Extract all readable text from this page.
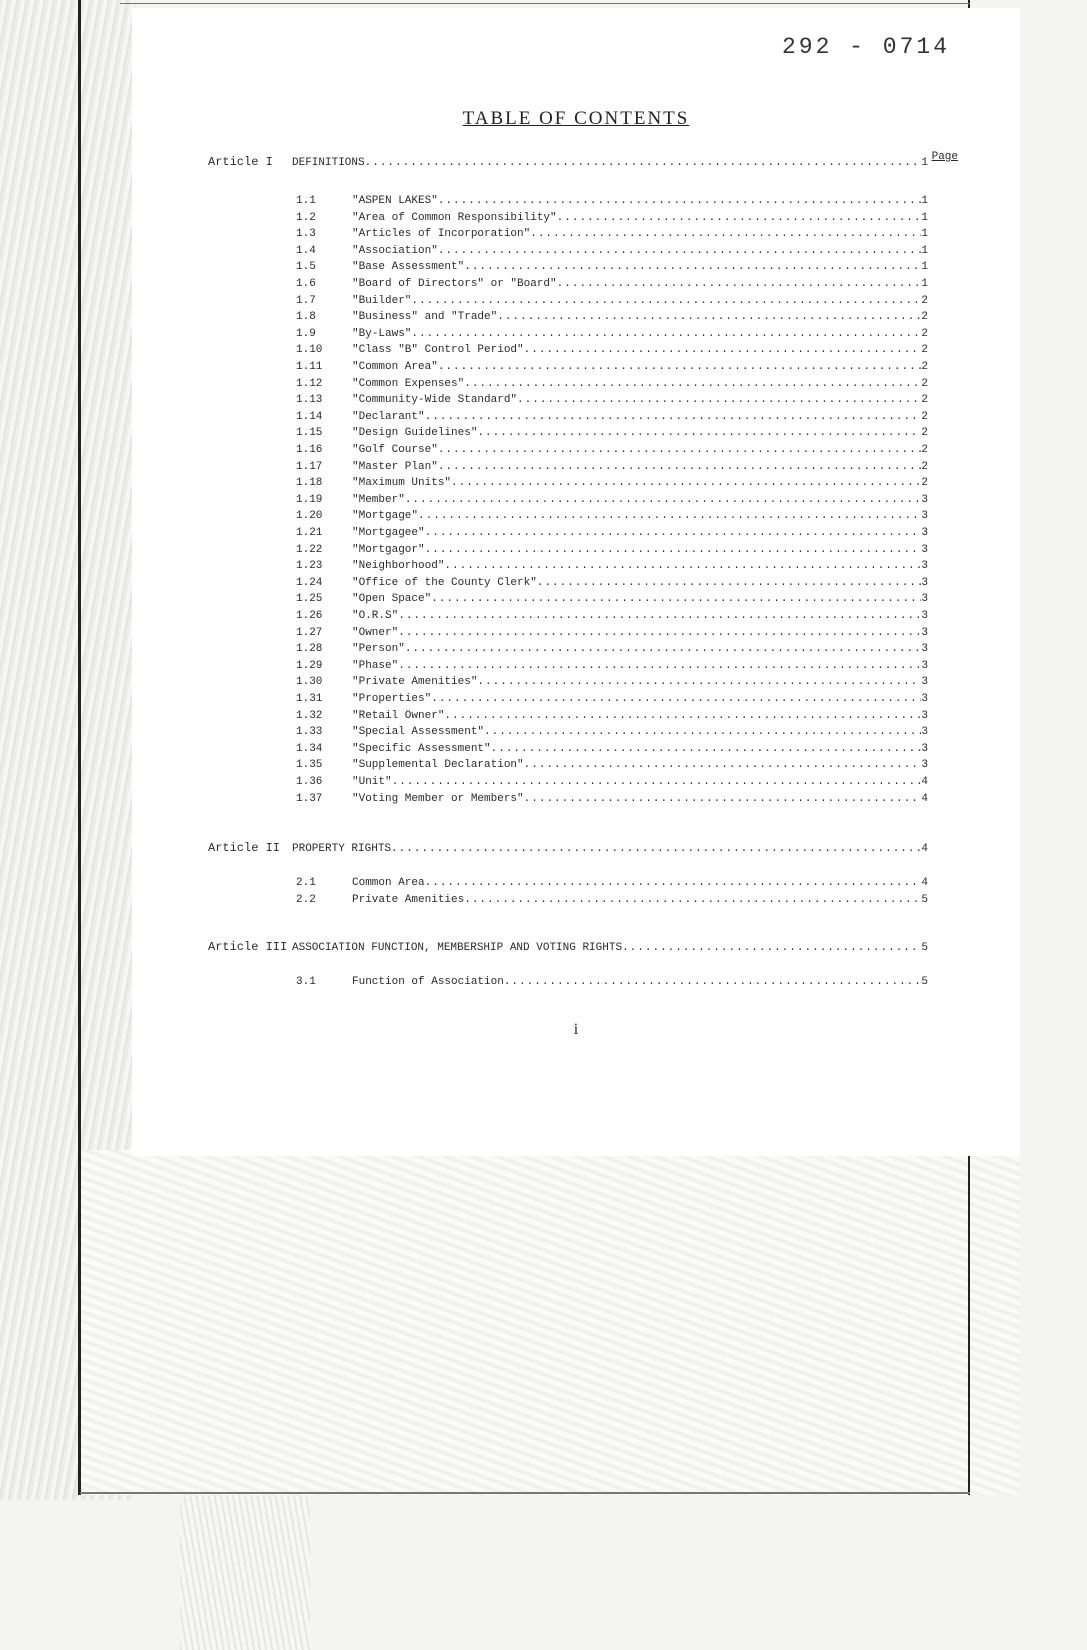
292 - 0714
TABLE OF CONTENTS
Page
Article I DEFINITIONS .....	1
1.1	"ASPEN LAKES" .....	1
1.2	"Area of Common Responsibility" .....	1
1.3	"Articles of Incorporation" .....	1
1.4	"Association" .....	1
1.5	"Base Assessment" .....	1
1.6	"Board of Directors" or "Board" .....	1
1.7	"Builder" .....	2
1.8	"Business" and "Trade" .....	2
1.9	"By-Laws" .....	2
1.10	"Class "B" Control Period" .....	2
1.11	"Common Area" .....	2
1.12	"Common Expenses" .....	2
1.13	"Community-Wide Standard" .....	2
1.14	"Declarant" .....	2
1.15	"Design Guidelines" .....	2
1.16	"Golf Course" .....	2
1.17	"Master Plan" .....	2
1.18	"Maximum Units" .....	2
1.19	"Member" .....	3
1.20	"Mortgage" .....	3
1.21	"Mortgagee" .....	3
1.22	"Mortgagor" .....	3
1.23	"Neighborhood" .....	3
1.24	"Office of the County Clerk" .....	3
1.25	"Open Space" .....	3
1.26	"O.R.S" .....	3
1.27	"Owner" .....	3
1.28	"Person" .....	3
1.29	"Phase" .....	3
1.30	"Private Amenities" .....	3
1.31	"Properties" .....	3
1.32	"Retail Owner" .....	3
1.33	"Special Assessment" .....	3
1.34	"Specific Assessment" .....	3
1.35	"Supplemental Declaration" .....	3
1.36	"Unit" .....	4
1.37	"Voting Member or Members" .....	4
Article II PROPERTY RIGHTS .....	4
2.1	Common Area .....	4
2.2	Private Amenities .....	5
Article III ASSOCIATION FUNCTION, MEMBERSHIP AND VOTING RIGHTS .....	5
3.1	Function of Association .....	5
i
